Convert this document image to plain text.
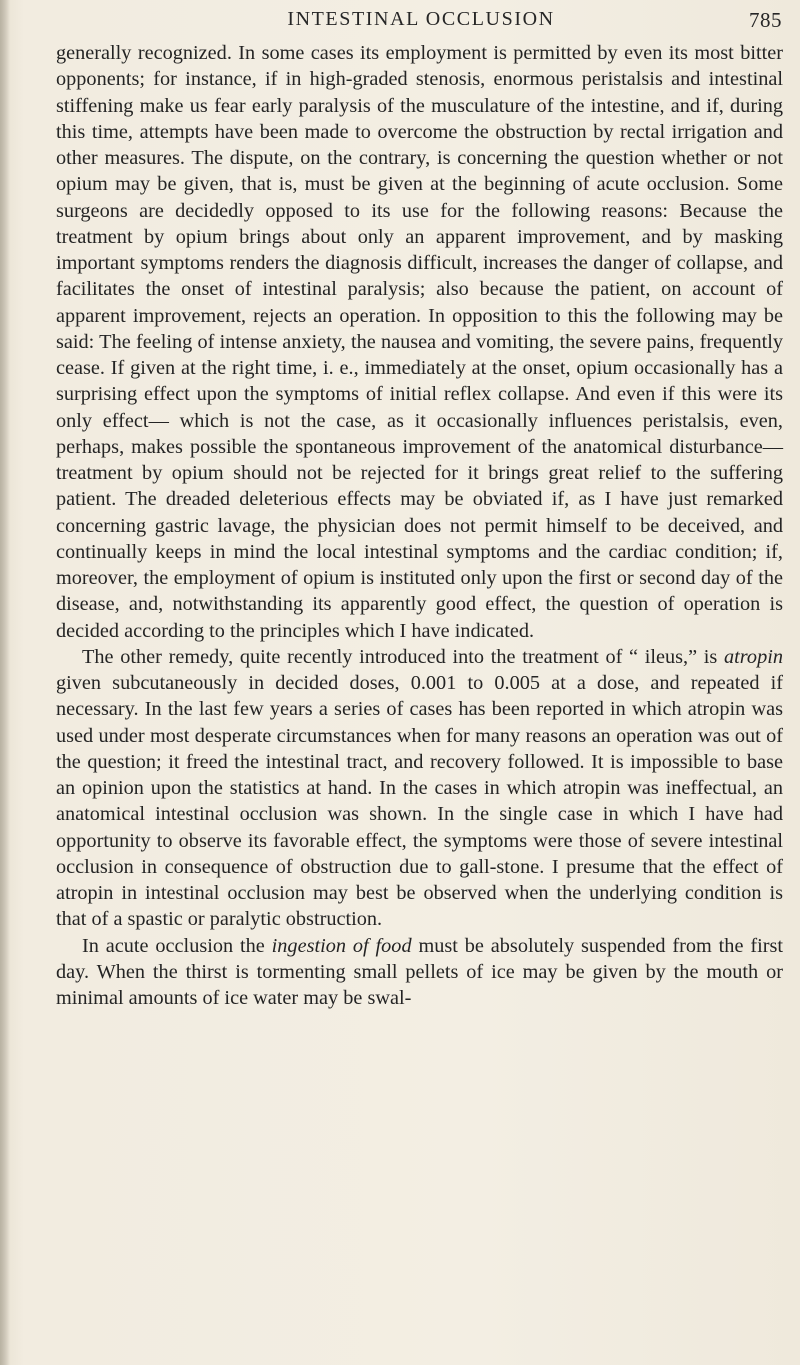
INTESTINAL OCCLUSION	785

generally recognized. In some cases its employment is permitted by even its most bitter opponents; for instance, if in high-graded stenosis, enormous peristalsis and intestinal stiffening make us fear early paralysis of the musculature of the intestine, and if, during this time, attempts have been made to overcome the obstruction by rectal irrigation and other measures. The dispute, on the contrary, is concerning the question whether or not opium may be given, that is, must be given at the beginning of acute occlusion. Some surgeons are decidedly opposed to its use for the following reasons: Because the treatment by opium brings about only an apparent improvement, and by masking important symptoms renders the diagnosis difficult, increases the danger of collapse, and facilitates the onset of intestinal paralysis; also because the patient, on account of apparent improvement, rejects an operation. In opposition to this the following may be said: The feeling of intense anxiety, the nausea and vomiting, the severe pains, frequently cease. If given at the right time, i. e., immediately at the onset, opium occasionally has a surprising effect upon the symptoms of initial reflex collapse. And even if this were its only effect— which is not the case, as it occasionally influences peristalsis, even, perhaps, makes possible the spontaneous improvement of the anatomical disturbance—treatment by opium should not be rejected for it brings great relief to the suffering patient. The dreaded deleterious effects may be obviated if, as I have just remarked concerning gastric lavage, the physician does not permit himself to be deceived, and continually keeps in mind the local intestinal symptoms and the cardiac condition; if, moreover, the employment of opium is instituted only upon the first or second day of the disease, and, notwithstanding its apparently good effect, the question of operation is decided according to the principles which I have indicated.

The other remedy, quite recently introduced into the treatment of “ ileus,” is atropin given subcutaneously in decided doses, 0.001 to 0.005 at a dose, and repeated if necessary. In the last few years a series of cases has been reported in which atropin was used under most desperate circumstances when for many reasons an operation was out of the question; it freed the intestinal tract, and recovery followed. It is impossible to base an opinion upon the statistics at hand. In the cases in which atropin was ineffectual, an anatomical intestinal occlusion was shown. In the single case in which I have had opportunity to observe its favorable effect, the symptoms were those of severe intestinal occlusion in consequence of obstruction due to gall-stone. I presume that the effect of atropin in intestinal occlusion may best be observed when the underlying condition is that of a spastic or paralytic obstruction.

In acute occlusion the ingestion of food must be absolutely suspended from the first day. When the thirst is tormenting small pellets of ice may be given by the mouth or minimal amounts of ice water may be swal-
